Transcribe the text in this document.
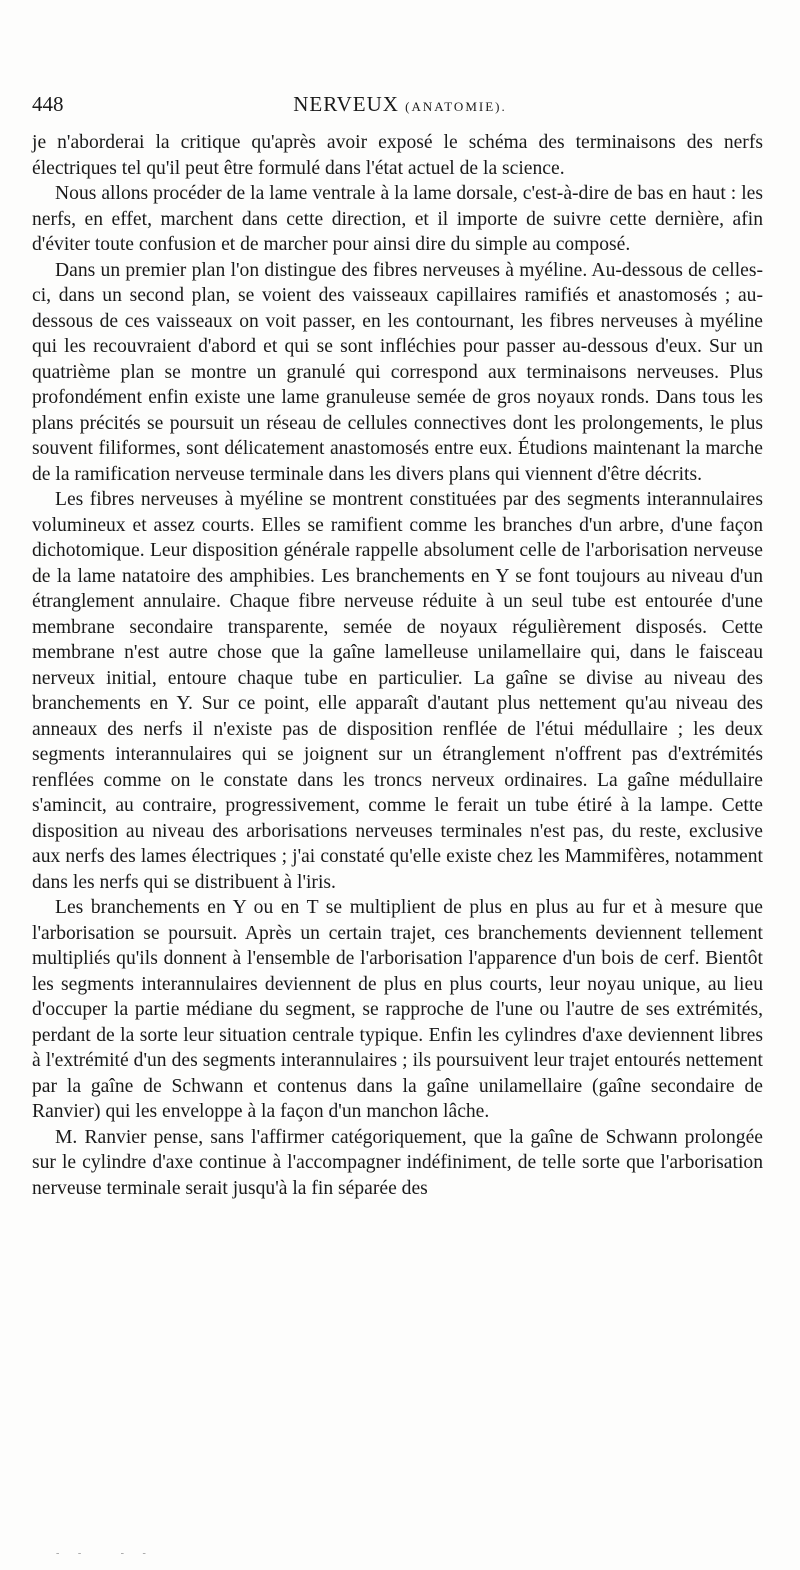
448	NERVEUX (ANATOMIE).

je n'aborderai la critique qu'après avoir exposé le schéma des terminaisons des nerfs électriques tel qu'il peut être formulé dans l'état actuel de la science.

Nous allons procéder de la lame ventrale à la lame dorsale, c'est-à-dire de bas en haut : les nerfs, en effet, marchent dans cette direction, et il importe de suivre cette dernière, afin d'éviter toute confusion et de marcher pour ainsi dire du simple au composé.

Dans un premier plan l'on distingue des fibres nerveuses à myéline. Au-dessous de celles-ci, dans un second plan, se voient des vaisseaux capillaires ramifiés et anastomosés ; au-dessous de ces vaisseaux on voit passer, en les contournant, les fibres nerveuses à myéline qui les recouvraient d'abord et qui se sont infléchies pour passer au-dessous d'eux. Sur un quatrième plan se montre un granulé qui correspond aux terminaisons nerveuses. Plus profondément enfin existe une lame granuleuse semée de gros noyaux ronds. Dans tous les plans précités se poursuit un réseau de cellules connectives dont les prolongements, le plus souvent filiformes, sont délicatement anastomosés entre eux. Étudions maintenant la marche de la ramification nerveuse terminale dans les divers plans qui viennent d'être décrits.

Les fibres nerveuses à myéline se montrent constituées par des segments interannulaires volumineux et assez courts. Elles se ramifient comme les branches d'un arbre, d'une façon dichotomique. Leur disposition générale rappelle absolument celle de l'arborisation nerveuse de la lame natatoire des amphibies. Les branchements en Y se font toujours au niveau d'un étranglement annulaire. Chaque fibre nerveuse réduite à un seul tube est entourée d'une membrane secondaire transparente, semée de noyaux régulièrement disposés. Cette membrane n'est autre chose que la gaîne lamelleuse unilamellaire qui, dans le faisceau nerveux initial, entoure chaque tube en particulier. La gaîne se divise au niveau des branchements en Y. Sur ce point, elle apparaît d'autant plus nettement qu'au niveau des anneaux des nerfs il n'existe pas de disposition renflée de l'étui médullaire ; les deux segments interannulaires qui se joignent sur un étranglement n'offrent pas d'extrémités renflées comme on le constate dans les troncs nerveux ordinaires. La gaîne médullaire s'amincit, au contraire, progressivement, comme le ferait un tube étiré à la lampe. Cette disposition au niveau des arborisations nerveuses terminales n'est pas, du reste, exclusive aux nerfs des lames électriques ; j'ai constaté qu'elle existe chez les Mammifères, notamment dans les nerfs qui se distribuent à l'iris.

Les branchements en Y ou en T se multiplient de plus en plus au fur et à mesure que l'arborisation se poursuit. Après un certain trajet, ces branchements deviennent tellement multipliés qu'ils donnent à l'ensemble de l'arborisation l'apparence d'un bois de cerf. Bientôt les segments interannulaires deviennent de plus en plus courts, leur noyau unique, au lieu d'occuper la partie médiane du segment, se rapproche de l'une ou l'autre de ses extrémités, perdant de la sorte leur situation centrale typique. Enfin les cylindres d'axe deviennent libres à l'extrémité d'un des segments interannulaires ; ils poursuivent leur trajet entourés nettement par la gaîne de Schwann et contenus dans la gaîne unilamellaire (gaîne secondaire de Ranvier) qui les enveloppe à la façon d'un manchon lâche.

M. Ranvier pense, sans l'affirmer catégoriquement, que la gaîne de Schwann prolongée sur le cylindre d'axe continue à l'accompagner indéfiniment, de telle sorte que l'arborisation nerveuse terminale serait jusqu'à la fin séparée des

- -   - -
